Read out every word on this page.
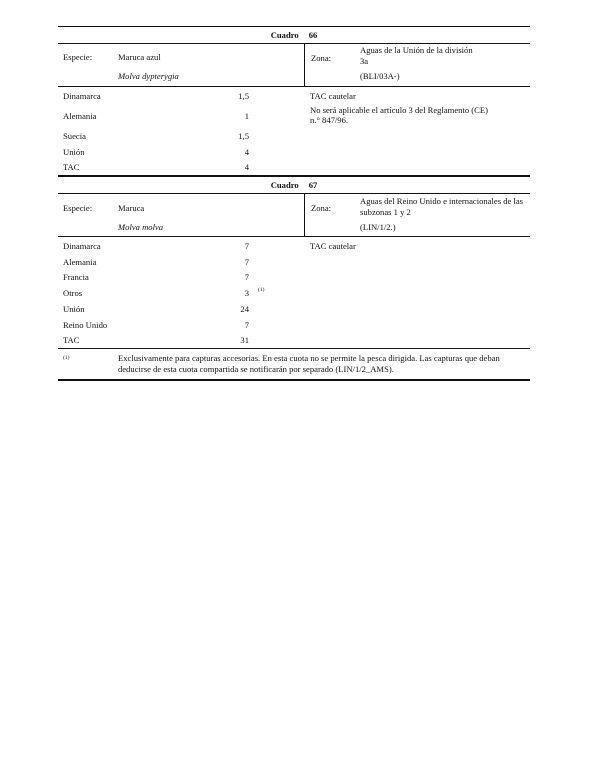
Cuadro 66
Especie:	Maruca azul
Molva dypterygia
Zona:
Aguas de la Unión de la división
3a
(BLI/03A-)
Dinamarca	1,5
Alemania	1
Suecia	1,5
Unión	4
TAC	4
TAC cautelar
No será aplicable el artículo 3 del Reglamento (CE)
n.° 847/96.
Cuadro 67
Especie:	Maruca
Molva molva
Zona:
Aguas del Reino Unido e internacionales de las
subzonas 1 y 2
(LIN/1/2.)
Dinamarca	7
Alemania	7
Francia	7
Otros	3 (1)
Unión	24
Reino Unido	7
TAC	31
TAC cautelar
(1)	Exclusivamente para capturas accesorias. En esta cuota no se permite la pesca dirigida. Las capturas que deban
deducirse de esta cuota compartida se notificarán por separado (LIN/1/2_AMS).
